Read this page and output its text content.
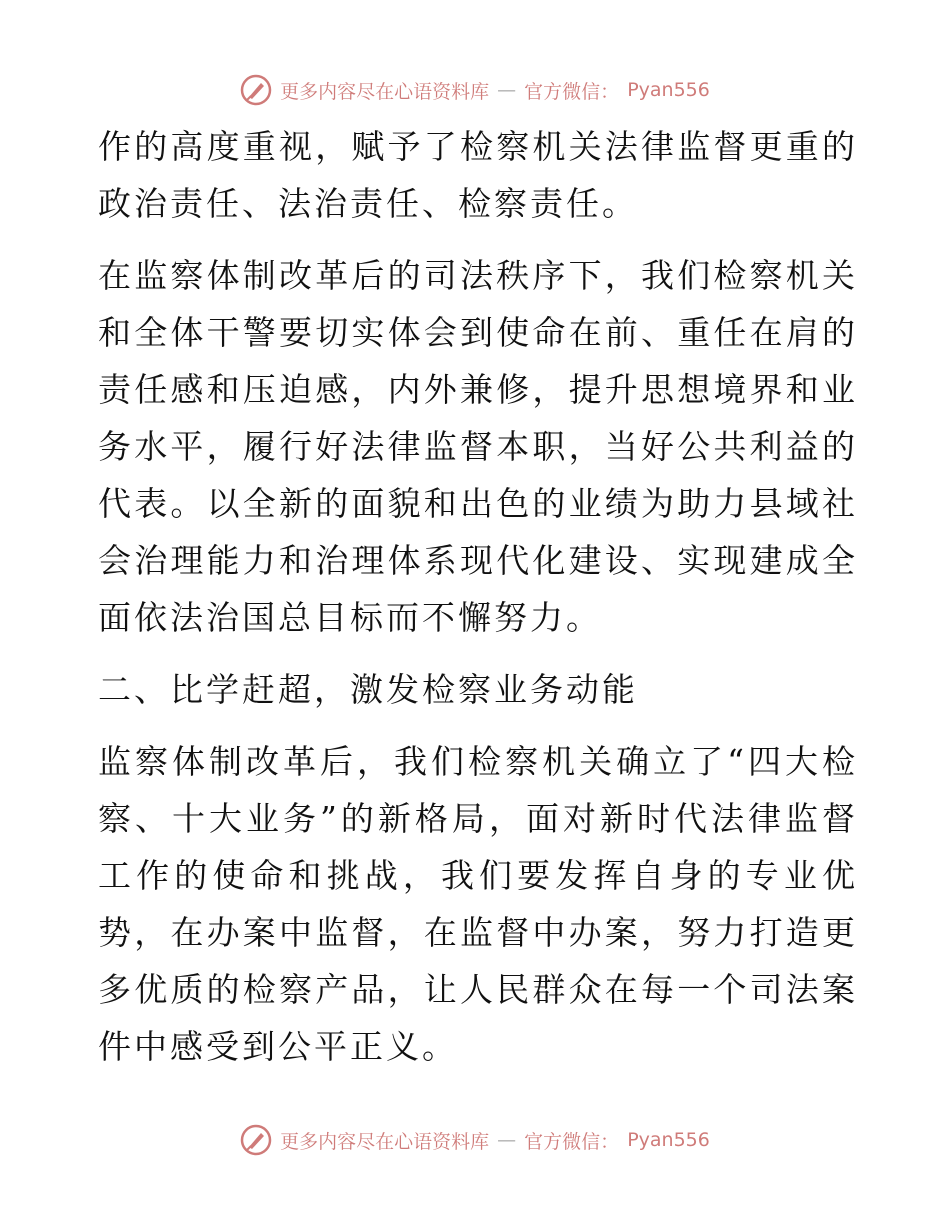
更多内容尽在心语资料库 — 官方微信： Pyan556

作的高度重视，赋予了检察机关法律监督更重的政治责任、法治责任、检察责任。

在监察体制改革后的司法秩序下，我们检察机关和全体干警要切实体会到使命在前、重任在肩的责任感和压迫感，内外兼修，提升思想境界和业务水平，履行好法律监督本职，当好公共利益的代表。以全新的面貌和出色的业绩为助力县域社会治理能力和治理体系现代化建设、实现建成全面依法治国总目标而不懈努力。

二、比学赶超，激发检察业务动能

监察体制改革后，我们检察机关确立了“四大检察、十大业务”的新格局，面对新时代法律监督工作的使命和挑战，我们要发挥自身的专业优势，在办案中监督，在监督中办案，努力打造更多优质的检察产品，让人民群众在每一个司法案件中感受到公平正义。

更多内容尽在心语资料库 — 官方微信： Pyan556
